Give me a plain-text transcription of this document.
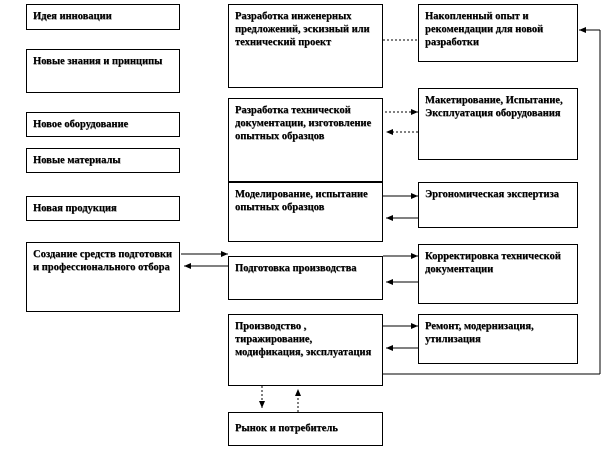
Идея инновации
Новые знания и принципы
Новое оборудование
Новые материалы
Новая продукция
Создание средств подготовки и профессионального отбора
Разработка инженерных предложений, эскизный или технический проект
Разработка технической документации, изготовление опытных образцов
Моделирование, испытание опытных образцов
Подготовка производства
Производство , тиражирование, модификация, эксплуатация
Рынок и потребитель
Накопленный опыт и рекомендации для новой разработки
Макетирование, Испытание, Эксплуатация оборудования
Эргономическая экспертиза
Корректировка технической документации
Ремонт, модернизация, утилизация
